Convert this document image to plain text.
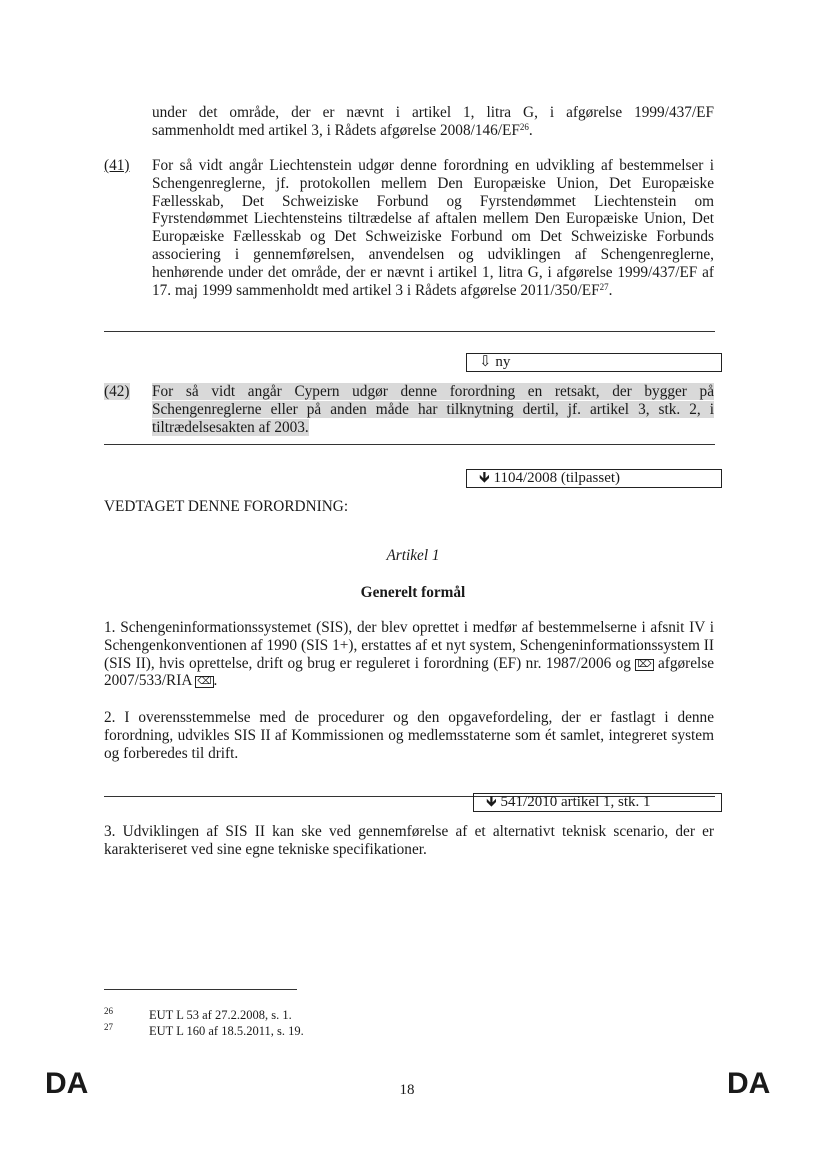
under det område, der er nævnt i artikel 1, litra G, i afgørelse 1999/437/EF
sammenholdt med artikel 3, i Rådets afgørelse 2008/146/EF$^{26}$.
(41) For så vidt angår Liechtenstein udgør denne forordning en udvikling af bestemmelser i Schengenreglerne, jf. protokollen mellem Den Europæiske Union, Det Europæiske Fællesskab, Det Schweiziske Forbund og Fyrstendømmet Liechtenstein om Fyrstendømmet Liechtensteins tiltrædelse af aftalen mellem Den Europæiske Union, Det Europæiske Fællesskab og Det Schweiziske Forbund om Det Schweiziske Forbunds associering i gennemførelsen, anvendelsen og udviklingen af Schengenreglerne, henhørende under det område, der er nævnt i artikel 1, litra G, i afgørelse 1999/437/EF af 17. maj 1999 sammenholdt med artikel 3 i Rådets afgørelse 2011/350/EF$^{27}$.
⇩ ny
(42) For så vidt angår Cypern udgør denne forordning en retsakt, der bygger på Schengenreglerne eller på anden måde har tilknytning dertil, jf. artikel 3, stk. 2, i tiltrædelsesakten af 2003.
🡻 1104/2008 (tilpasset)
VEDTAGET DENNE FORORDNING:
Artikel 1
Generelt formål
1. Schengeninformationssystemet (SIS), der blev oprettet i medfør af bestemmelserne i afsnit IV i Schengenkonventionen af 1990 (SIS 1+), erstattes af et nyt system, Schengeninformationssystem II (SIS II), hvis oprettelse, drift og brug er reguleret i forordning (EF) nr. 1987/2006 og ⌦ afgørelse 2007/533/RIA ⌫ .
2. I overensstemmelse med de procedurer og den opgavefordeling, der er fastlagt i denne forordning, udvikles SIS II af Kommissionen og medlemsstaterne som ét samlet, integreret system og forberedes til drift.
🡻 541/2010 artikel 1, stk. 1
3. Udviklingen af SIS II kan ske ved gennemførelse af et alternativt teknisk scenario, der er karakteriseret ved sine egne tekniske specifikationer.
$^{26}$	EUT L 53 af 27.2.2008, s. 1.
$^{27}$	EUT L 160 af 18.5.2011, s. 19.
DA	18	DA
